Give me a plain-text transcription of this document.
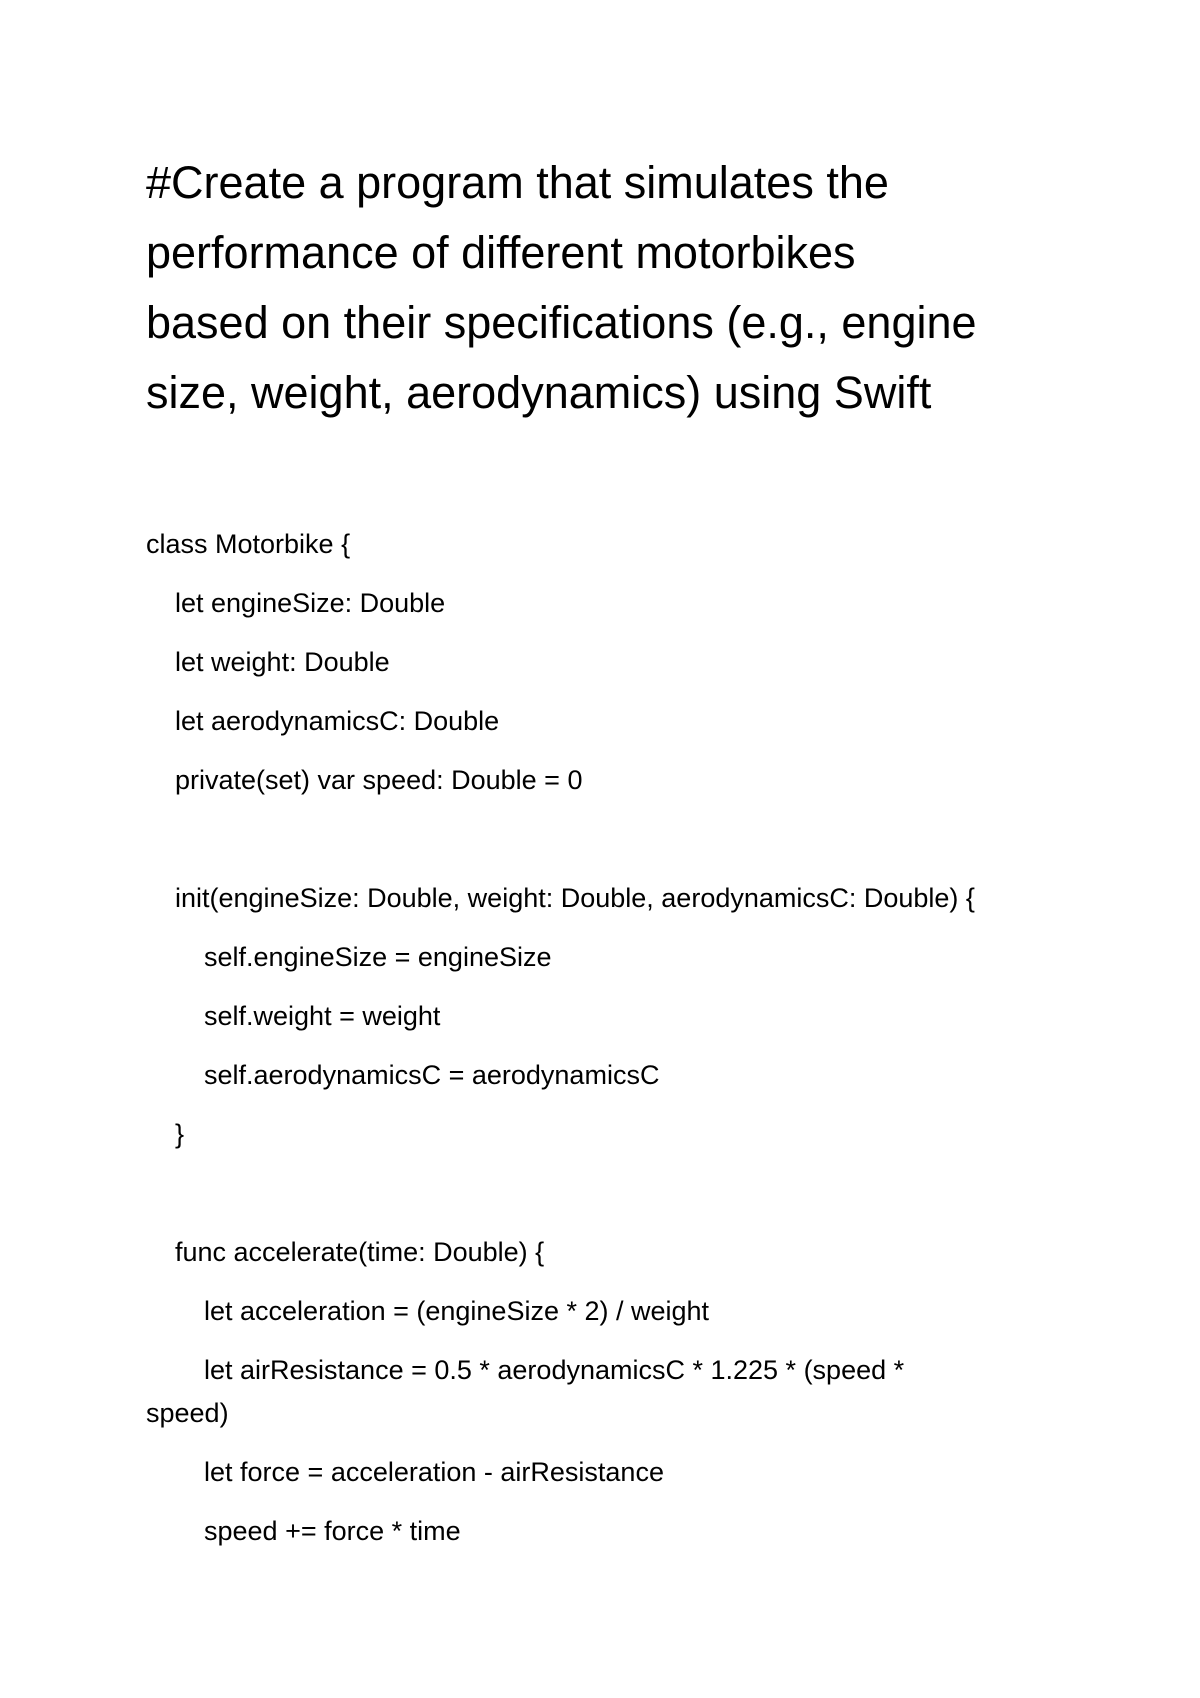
#Create a program that simulates the
performance of different motorbikes
based on their specifications (e.g., engine
size, weight, aerodynamics) using Swift

class Motorbike {

let engineSize: Double

let weight: Double

let aerodynamicsC: Double

private(set) var speed: Double = 0

init(engineSize: Double, weight: Double, aerodynamicsC: Double) {

self.engineSize = engineSize

self.weight = weight

self.aerodynamicsC = aerodynamicsC

}

func accelerate(time: Double) {

let acceleration = (engineSize * 2) / weight

let airResistance = 0.5 * aerodynamicsC * 1.225 * (speed *

speed)

let force = acceleration - airResistance

speed += force * time
